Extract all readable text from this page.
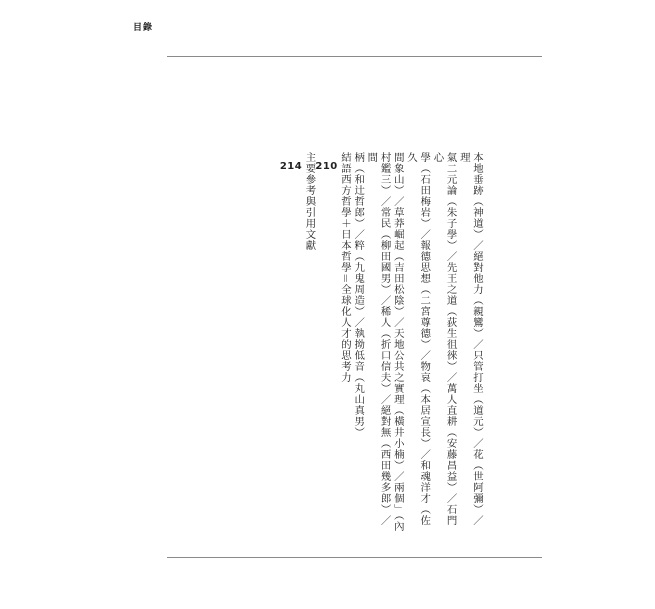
目錄

本地垂跡（神道）／絕對他力（親鸞）／只管打坐（道元）／花（世阿彌）／理

氣二元論（朱子學）／先王之道（荻生徂徠）／萬人直耕（安藤昌益）／石門心

學（石田梅岩）／報德思想（二宮尊德）／物哀（本居宣長）／和魂洋才（佐久

間象山）／草莽崛起（吉田松陰）／天地公共之實理（橫井小楠）／兩個」（內

村鑑三）／常民（柳田國男）／稀人（折口信夫）／絕對無（西田幾多郎）／間

柄（和辻哲郎）／粹（九鬼周造）／執拗低音（丸山真男）

結語西方哲學＋日本哲學＝全球化人才的思考力
210

主要參考與引用文獻
214
